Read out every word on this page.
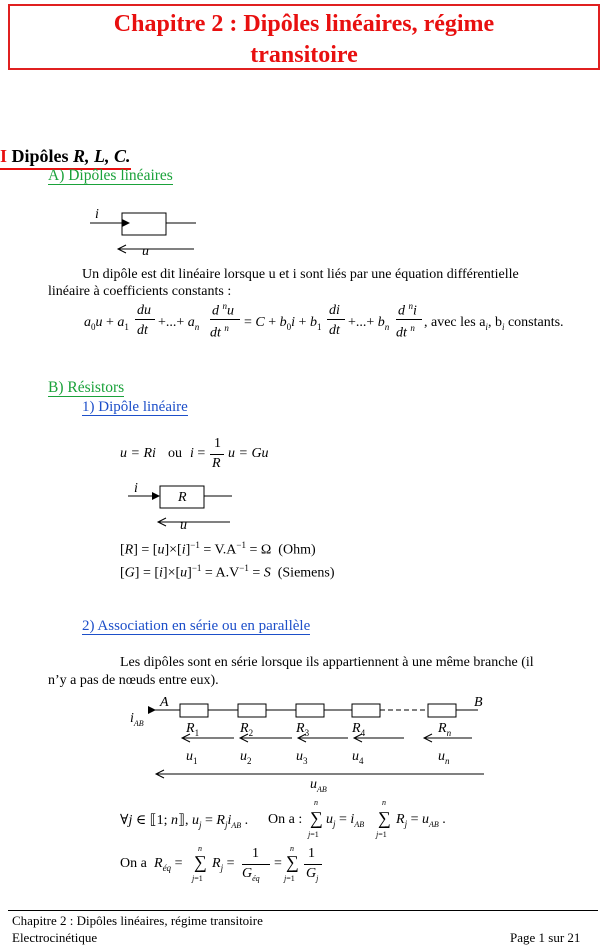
Chapitre 2 : Dipôles linéaires, régime
transitoire
I Dipôles R, L, C.
A) Dipôles linéaires
i
u
Un dipôle est dit linéaire lorsque u et i sont liés par une équation différentielle
linéaire à coefficients constants :
$a_0u + a_1$
du
dt
+...+ $a_n$
d $^n$u
dt $^n = C + b_0i + b_1$
di
dt
+...+ $b_n$
d $^n$i
dt $^n$ , avec les $a_i$, $b_i$ constants.
B) Résistors
1) Dipôle linéaire
u = Ri ou i =
1
R
u = Gu
i
R
u
$[R] = [u]\times[i]^{-1} = V.A^{-1} = \Omega$  (Ohm)
$[G] = [i]\times[u]^{-1} = A.V^{-1} = S$ (Siemens)
2) Association en série ou en parallèle
Les dipôles sont en série lorsque ils appartiennent à une même branche (il
n’y a pas de nœuds entre eux).
A	B
$i_{AB}$	$R_1$	$R_2$	$R_3$	$R_4$	$R_n$
$u_1$	$u_2$	$u_3$	$u_4$	$u_n$
$u_{AB}$
∀j ∈ ⟦1; n⟧, $u_j = R_ji_{AB}$ . On a :
n
∑
j=1
$u_j = i_{AB}$
n
∑
j=1
$R_j = u_{AB}$ .
On a $R_{éq}$ =
n
∑
j=1
$R_j$ =
1
$G_{éq}$
=
n
∑
j=1
1
$G_j$
Chapitre 2 : Dipôles linéaires, régime transitoire
Electrocinétique	Page 1 sur 21
